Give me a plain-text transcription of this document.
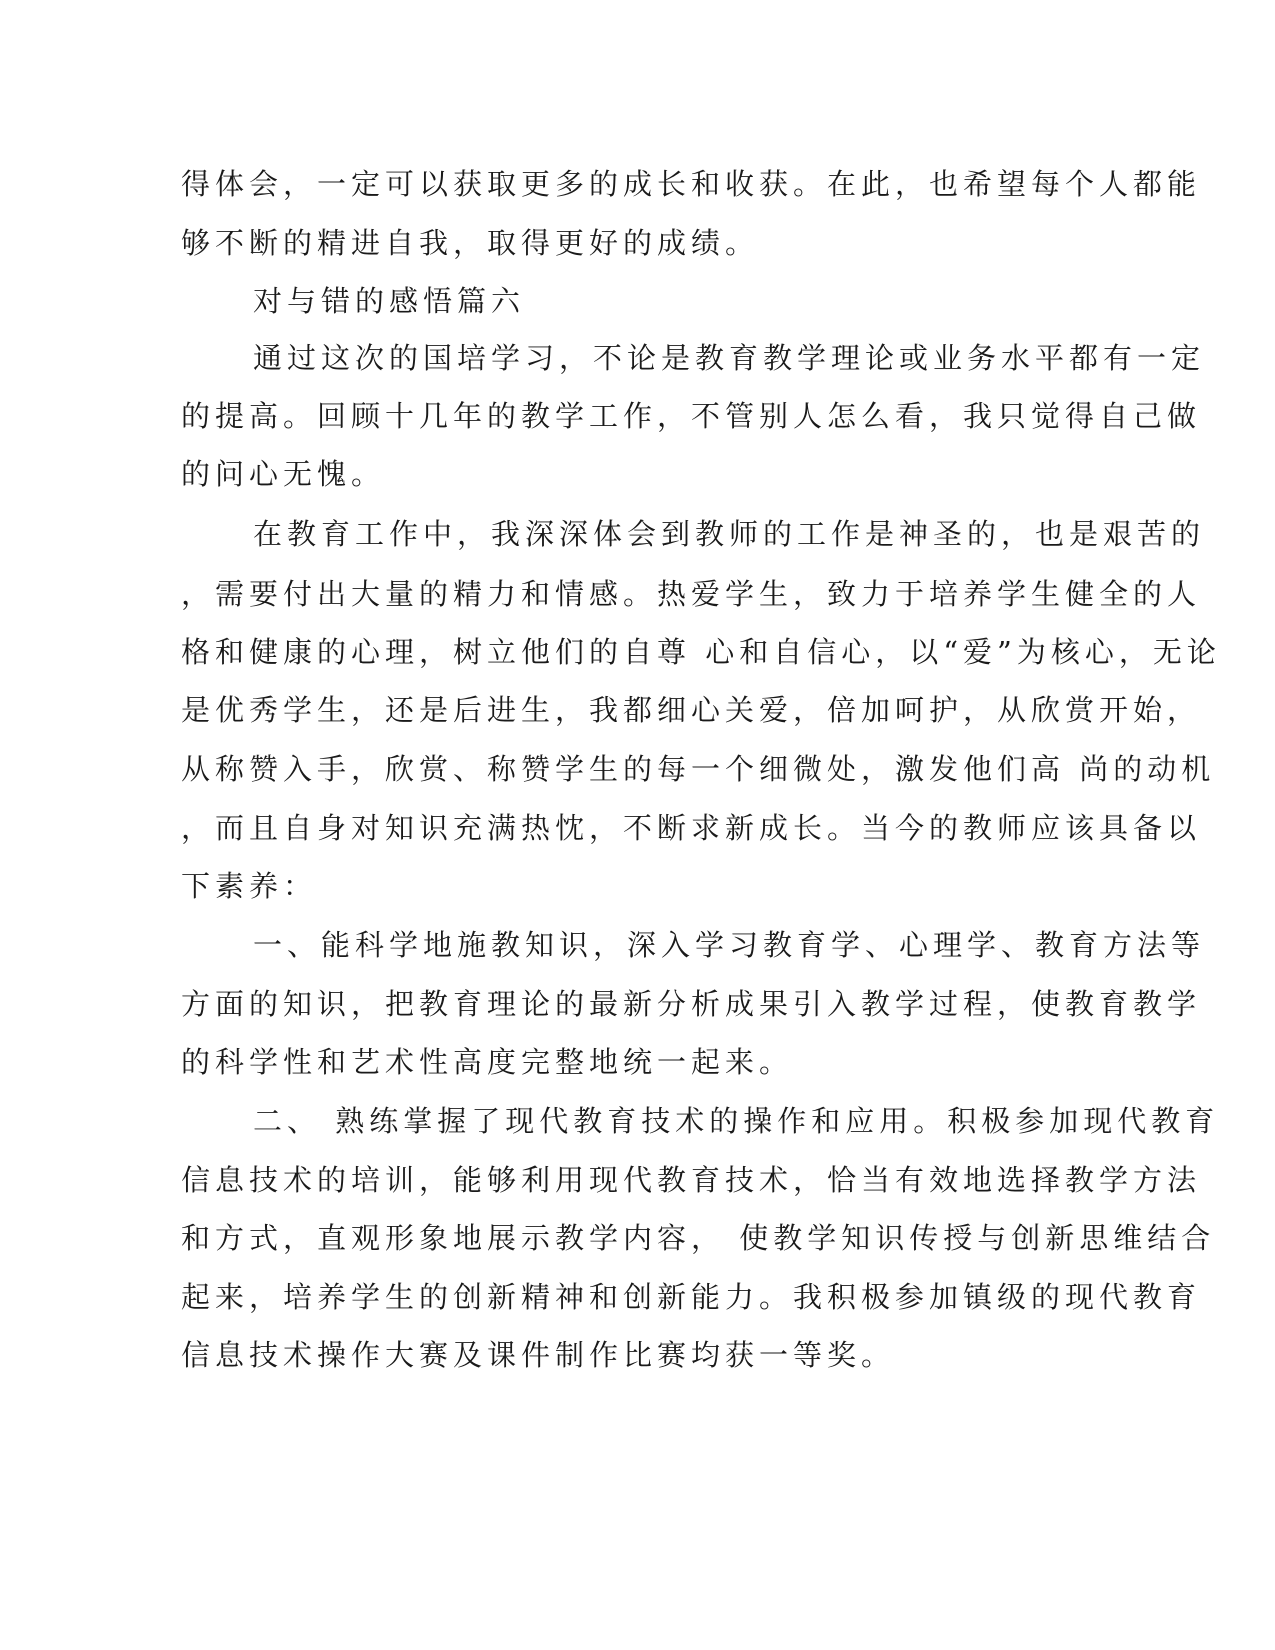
得体会，一定可以获取更多的成长和收获。在此，也希望每个人都能
够不断的精进自我，取得更好的成绩。
对与错的感悟篇六
通过这次的国培学习，不论是教育教学理论或业务水平都有一定
的提高。回顾十几年的教学工作，不管别人怎么看，我只觉得自己做
的问心无愧。
在教育工作中，我深深体会到教师的工作是神圣的，也是艰苦的
，需要付出大量的精力和情感。热爱学生，致力于培养学生健全的人
格和健康的心理，树立他们的自尊 心和自信心，以“爱”为核心，无论
是优秀学生，还是后进生，我都细心关爱，倍加呵护，从欣赏开始，
从称赞入手，欣赏、称赞学生的每一个细微处，激发他们高 尚的动机
，而且自身对知识充满热忱，不断求新成长。当今的教师应该具备以
下素养：
一、能科学地施教知识，深入学习教育学、心理学、教育方法等
方面的知识，把教育理论的最新分析成果引入教学过程，使教育教学
的科学性和艺术性高度完整地统一起来。
二、 熟练掌握了现代教育技术的操作和应用。积极参加现代教育
信息技术的培训，能够利用现代教育技术，恰当有效地选择教学方法
和方式，直观形象地展示教学内容， 使教学知识传授与创新思维结合
起来，培养学生的创新精神和创新能力。我积极参加镇级的现代教育
信息技术操作大赛及课件制作比赛均获一等奖。
